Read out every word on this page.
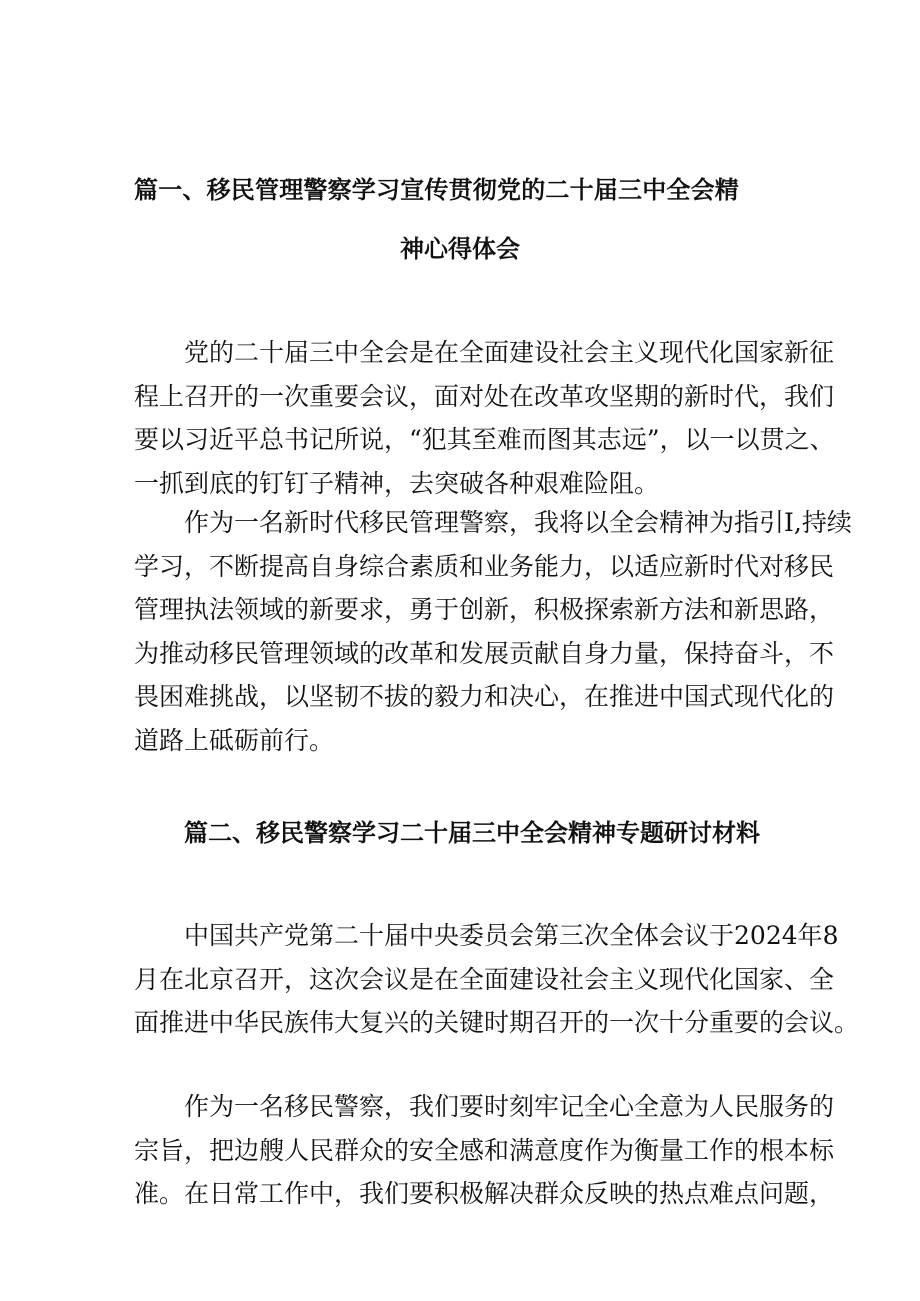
篇一、移民管理警察学习宣传贯彻党的二十届三中全会精
神心得体会
党的二十届三中全会是在全面建设社会主义现代化国家新征
程上召开的一次重要会议，面对处在改革攻坚期的新时代，我们
要以习近平总书记所说，“犯其至难而图其志远”，以一以贯之、
一抓到底的钉钉子精神，去突破各种艰难险阻。
作为一名新时代移民管理警察，我将以全会精神为指引I,持续
学习，不断提高自身综合素质和业务能力，以适应新时代对移民
管理执法领域的新要求，勇于创新，积极探索新方法和新思路，
为推动移民管理领域的改革和发展贡献自身力量，保持奋斗，不
畏困难挑战，以坚韧不拔的毅力和决心，在推进中国式现代化的
道路上砥砺前行。
篇二、移民警察学习二十届三中全会精神专题研讨材料
中国共产党第二十届中央委员会第三次全体会议于2024年8
月在北京召开，这次会议是在全面建设社会主义现代化国家、全
面推进中华民族伟大复兴的关键时期召开的一次十分重要的会议。
作为一名移民警察，我们要时刻牢记全心全意为人民服务的
宗旨，把边艘人民群众的安全感和满意度作为衡量工作的根本标
准。在日常工作中，我们要积极解决群众反映的热点难点问题，
